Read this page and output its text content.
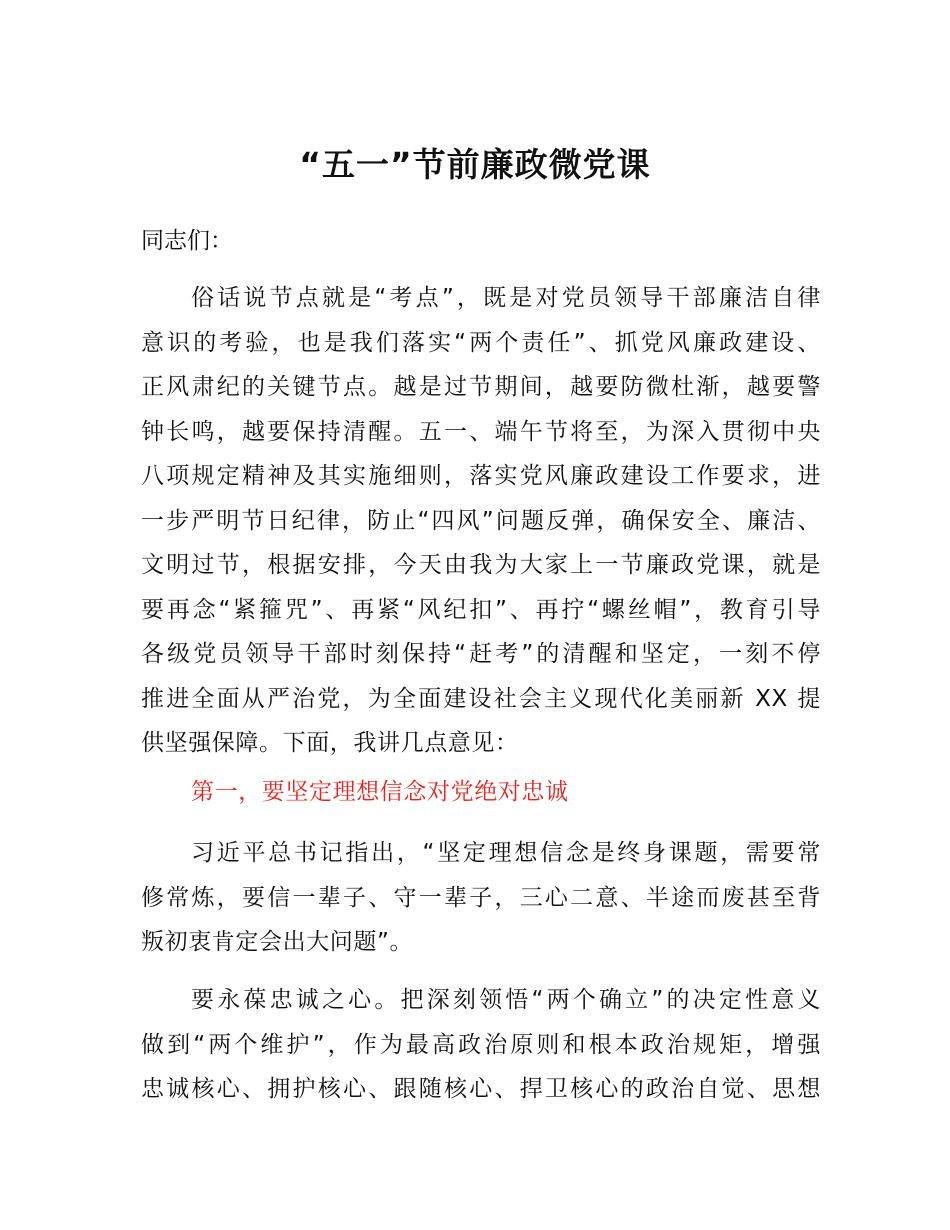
“五一”节前廉政微党课
同志们：
俗话说节点就是“考点”，既是对党员领导干部廉洁自律
意识的考验，也是我们落实“两个责任”、抓党风廉政建设、
正风肃纪的关键节点。越是过节期间，越要防微杜渐，越要警
钟长鸣，越要保持清醒。五一、端午节将至，为深入贯彻中央
八项规定精神及其实施细则，落实党风廉政建设工作要求，进
一步严明节日纪律，防止“四风”问题反弹，确保安全、廉洁、
文明过节，根据安排，今天由我为大家上一节廉政党课，就是
要再念“紧箍咒”、再紧“风纪扣”、再拧“螺丝帽”，教育引导
各级党员领导干部时刻保持“赶考”的清醒和坚定，一刻不停
推进全面从严治党，为全面建设社会主义现代化美丽新 XX 提
供坚强保障。下面，我讲几点意见：
第一，要坚定理想信念对党绝对忠诚
习近平总书记指出，“坚定理想信念是终身课题，需要常
修常炼，要信一辈子、守一辈子，三心二意、半途而废甚至背
叛初衷肯定会出大问题”。
要永葆忠诚之心。把深刻领悟“两个确立”的决定性意义
做到“两个维护”，作为最高政治原则和根本政治规矩，增强
忠诚核心、拥护核心、跟随核心、捍卫核心的政治自觉、思想
